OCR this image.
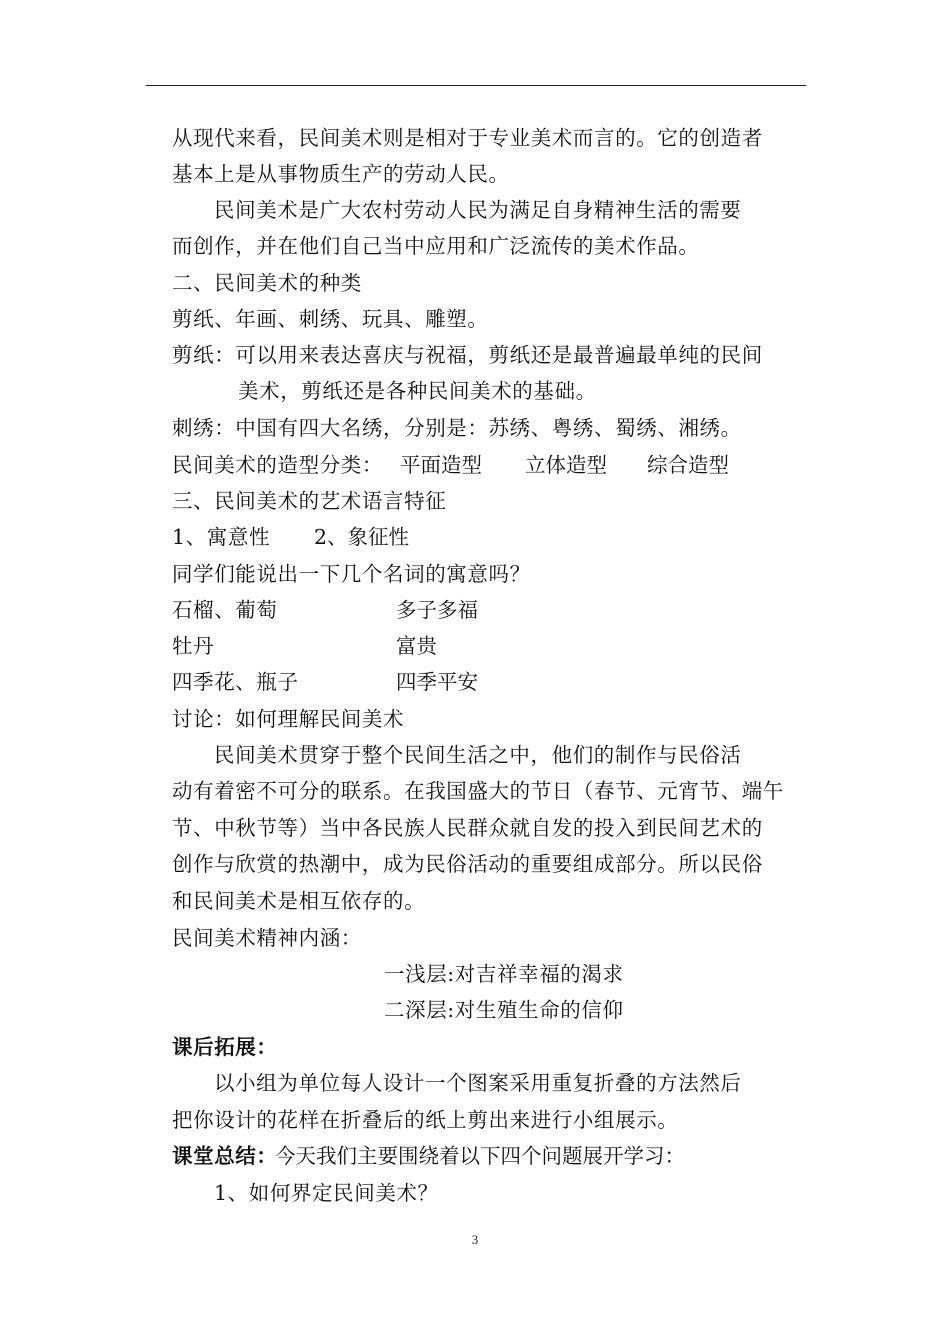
从现代来看，民间美术则是相对于专业美术而言的。它的创造者
基本上是从事物质生产的劳动人民。
民间美术是广大农村劳动人民为满足自身精神生活的需要
而创作，并在他们自己当中应用和广泛流传的美术作品。
二、民间美术的种类
剪纸、年画、刺绣、玩具、雕塑。
剪纸：可以用来表达喜庆与祝福，剪纸还是最普遍最单纯的民间
美术，剪纸还是各种民间美术的基础。
刺绣：中国有四大名绣，分别是：苏绣、粤绣、蜀绣、湘绣。
民间美术的造型分类： 平面造型 立体造型 综合造型
三、民间美术的艺术语言特征
1、寓意性 2、象征性
同学们能说出一下几个名词的寓意吗？
石榴、葡萄	多子多福
牡丹	富贵
四季花、瓶子	四季平安
讨论：如何理解民间美术
民间美术贯穿于整个民间生活之中，他们的制作与民俗活
动有着密不可分的联系。在我国盛大的节日（春节、元宵节、端午
节、中秋节等）当中各民族人民群众就自发的投入到民间艺术的
创作与欣赏的热潮中，成为民俗活动的重要组成部分。所以民俗
和民间美术是相互依存的。
民间美术精神内涵：
一浅层:对吉祥幸福的渴求
二深层:对生殖生命的信仰
课后拓展：
以小组为单位每人设计一个图案采用重复折叠的方法然后
把你设计的花样在折叠后的纸上剪出来进行小组展示。
课堂总结：
今天我们主要围绕着以下四个问题展开学习：
1、如何界定民间美术？
3
